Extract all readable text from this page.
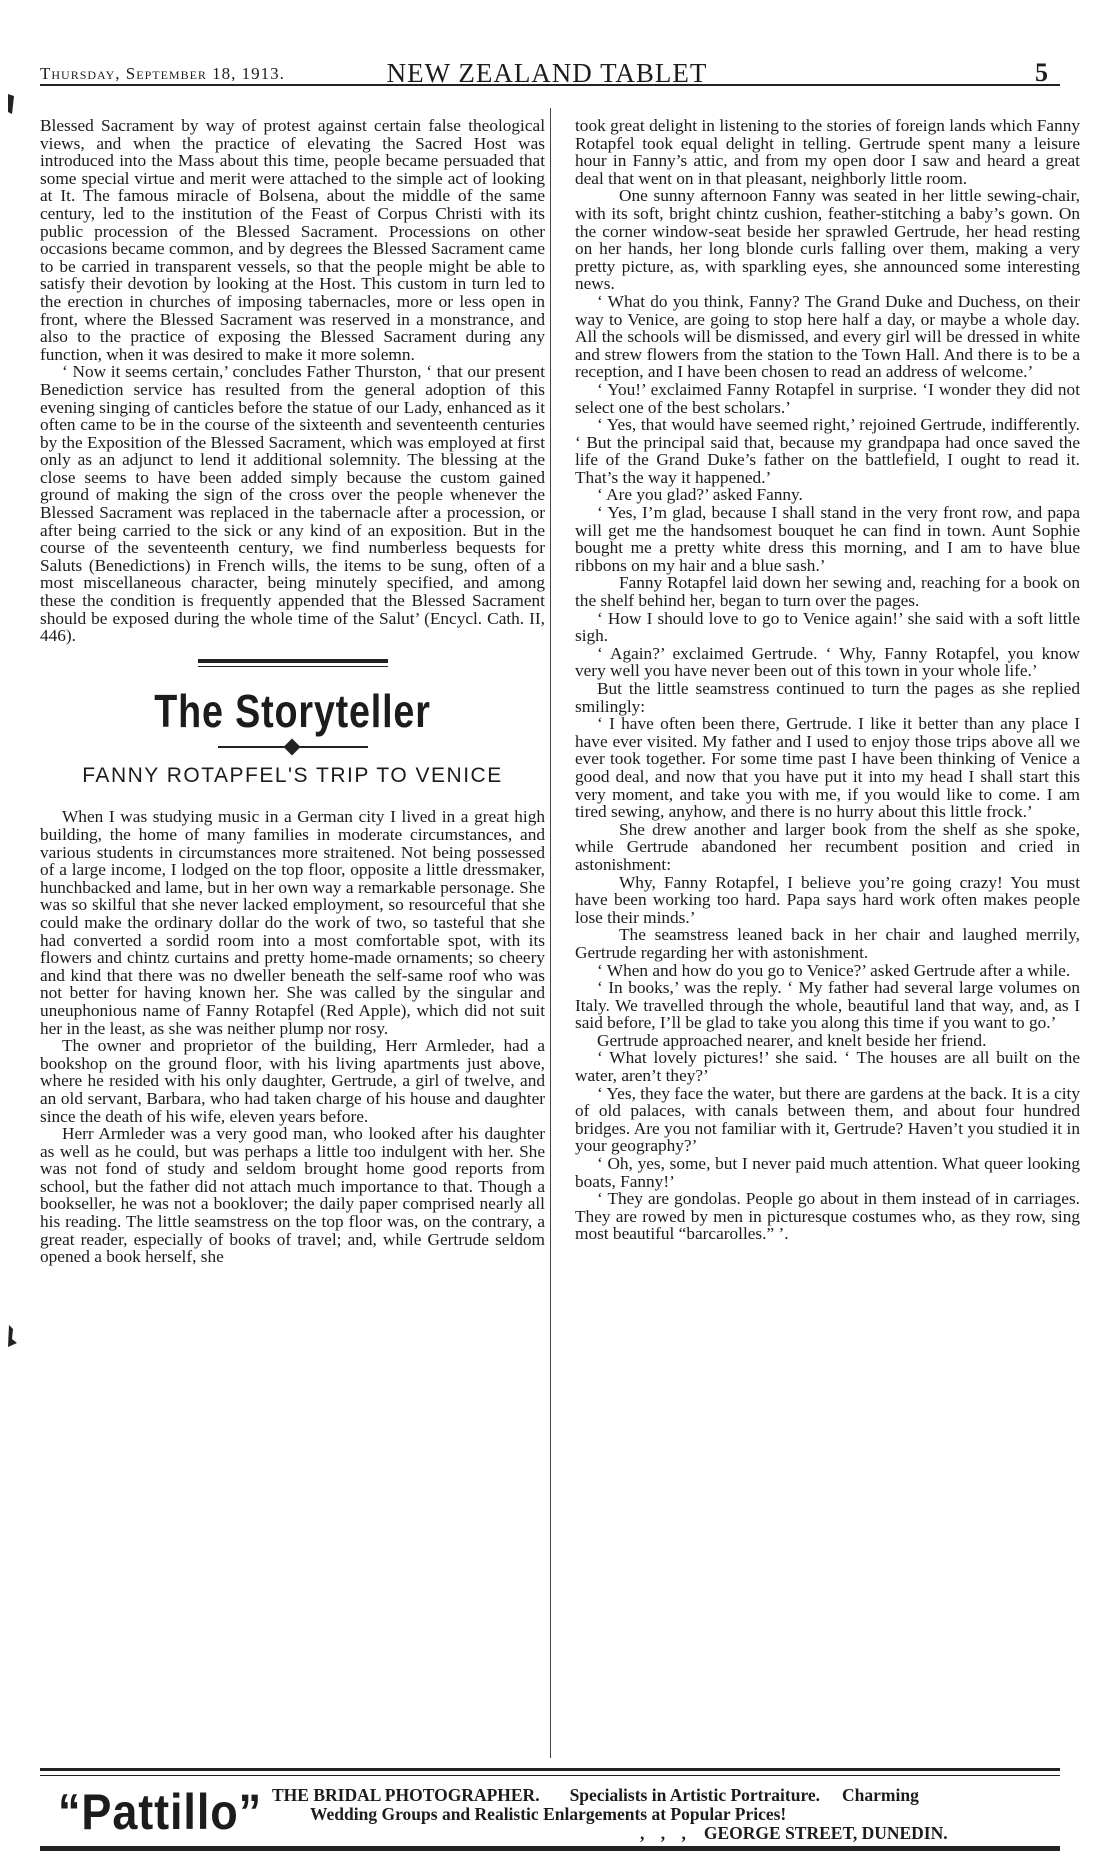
Thursday, September 18, 1913.	NEW ZEALAND TABLET	5

Blessed Sacrament by way of protest against certain false theological views, and when the practice of elevating the Sacred Host was introduced into the Mass about this time, people became persuaded that some special virtue and merit were attached to the simple act of looking at It. The famous miracle of Bolsena, about the middle of the same century, led to the institution of the Feast of Corpus Christi with its public procession of the Blessed Sacrament. Processions on other occasions became common, and by degrees the Blessed Sacrament came to be carried in transparent vessels, so that the people might be able to satisfy their devotion by looking at the Host. This custom in turn led to the erection in churches of imposing tabernacles, more or less open in front, where the Blessed Sacrament was reserved in a monstrance, and also to the practice of exposing the Blessed Sacrament during any function, when it was desired to make it more solemn.

‘ Now it seems certain,’ concludes Father Thurston, ‘ that our present Benediction service has resulted from the general adoption of this evening singing of canticles before the statue of our Lady, enhanced as it often came to be in the course of the sixteenth and seventeenth centuries by the Exposition of the Blessed Sacrament, which was employed at first only as an adjunct to lend it additional solemnity. The blessing at the close seems to have been added simply because the custom gained ground of making the sign of the cross over the people whenever the Blessed Sacrament was replaced in the tabernacle after a procession, or after being carried to the sick or any kind of an exposition. But in the course of the seventeenth century, we find numberless bequests for Saluts (Benedictions) in French wills, the items to be sung, often of a most miscellaneous character, being minutely specified, and among these the condition is frequently appended that the Blessed Sacrament should be exposed during the whole time of the Salut’ (Encycl. Cath. II, 446).

The Storyteller
FANNY ROTAPFEL'S TRIP TO VENICE

When I was studying music in a German city I lived in a great high building, the home of many families in moderate circumstances, and various students in circumstances more straitened. Not being possessed of a large income, I lodged on the top floor, opposite a little dressmaker, hunchbacked and lame, but in her own way a remarkable personage. She was so skilful that she never lacked employment, so resourceful that she could make the ordinary dollar do the work of two, so tasteful that she had converted a sordid room into a most comfortable spot, with its flowers and chintz curtains and pretty home-made ornaments; so cheery and kind that there was no dweller beneath the self-same roof who was not better for having known her. She was called by the singular and uneuphonious name of Fanny Rotapfel (Red Apple), which did not suit her in the least, as she was neither plump nor rosy.

The owner and proprietor of the building, Herr Armleder, had a bookshop on the ground floor, with his living apartments just above, where he resided with his only daughter, Gertrude, a girl of twelve, and an old servant, Barbara, who had taken charge of his house and daughter since the death of his wife, eleven years before.

Herr Armleder was a very good man, who looked after his daughter as well as he could, but was perhaps a little too indulgent with her. She was not fond of study and seldom brought home good reports from school, but the father did not attach much importance to that. Though a bookseller, he was not a booklover; the daily paper comprised nearly all his reading. The little seamstress on the top floor was, on the contrary, a great reader, especially of books of travel; and, while Gertrude seldom opened a book herself, she

took great delight in listening to the stories of foreign lands which Fanny Rotapfel took equal delight in telling. Gertrude spent many a leisure hour in Fanny’s attic, and from my open door I saw and heard a great deal that went on in that pleasant, neighborly little room.

One sunny afternoon Fanny was seated in her little sewing-chair, with its soft, bright chintz cushion, feather-stitching a baby’s gown. On the corner window-seat beside her sprawled Gertrude, her head resting on her hands, her long blonde curls falling over them, making a very pretty picture, as, with sparkling eyes, she announced some interesting news.

‘ What do you think, Fanny? The Grand Duke and Duchess, on their way to Venice, are going to stop here half a day, or maybe a whole day. All the schools will be dismissed, and every girl will be dressed in white and strew flowers from the station to the Town Hall. And there is to be a reception, and I have been chosen to read an address of welcome.’

‘ You!’ exclaimed Fanny Rotapfel in surprise. ‘I wonder they did not select one of the best scholars.’

‘ Yes, that would have seemed right,’ rejoined Gertrude, indifferently. ‘ But the principal said that, because my grandpapa had once saved the life of the Grand Duke’s father on the battlefield, I ought to read it. That’s the way it happened.’

‘ Are you glad?’ asked Fanny.

‘ Yes, I’m glad, because I shall stand in the very front row, and papa will get me the handsomest bouquet he can find in town. Aunt Sophie bought me a pretty white dress this morning, and I am to have blue ribbons on my hair and a blue sash.’

Fanny Rotapfel laid down her sewing and, reaching for a book on the shelf behind her, began to turn over the pages.

‘ How I should love to go to Venice again!’ she said with a soft little sigh.

‘ Again?’ exclaimed Gertrude. ‘ Why, Fanny Rotapfel, you know very well you have never been out of this town in your whole life.’

But the little seamstress continued to turn the pages as she replied smilingly:

‘ I have often been there, Gertrude. I like it better than any place I have ever visited. My father and I used to enjoy those trips above all we ever took together. For some time past I have been thinking of Venice a good deal, and now that you have put it into my head I shall start this very moment, and take you with me, if you would like to come. I am tired sewing, anyhow, and there is no hurry about this little frock.’

She drew another and larger book from the shelf as she spoke, while Gertrude abandoned her recumbent position and cried in astonishment:

Why, Fanny Rotapfel, I believe you’re going crazy! You must have been working too hard. Papa says hard work often makes people lose their minds.’

The seamstress leaned back in her chair and laughed merrily, Gertrude regarding her with astonishment.

‘ When and how do you go to Venice?’ asked Gertrude after a while.

‘ In books,’ was the reply. ‘ My father had several large volumes on Italy. We travelled through the whole, beautiful land that way, and, as I said before, I’ll be glad to take you along this time if you want to go.’

Gertrude approached nearer, and knelt beside her friend.

‘ What lovely pictures!’ she said. ‘ The houses are all built on the water, aren’t they?’

‘ Yes, they face the water, but there are gardens at the back. It is a city of old palaces, with canals between them, and about four hundred bridges. Are you not familiar with it, Gertrude? Haven’t you studied it in your geography?’

‘ Oh, yes, some, but I never paid much attention. What queer looking boats, Fanny!’

‘ They are gondolas. People go about in them instead of in carriages. They are rowed by men in picturesque costumes who, as they row, sing most beautiful “barcarolles.” ’.

“Pattillo” THE BRIDAL PHOTOGRAPHER. Specialists in Artistic Portraiture. Charming
Wedding Groups and Realistic Enlargements at Popular Prices!
, , , GEORGE STREET, DUNEDIN.
